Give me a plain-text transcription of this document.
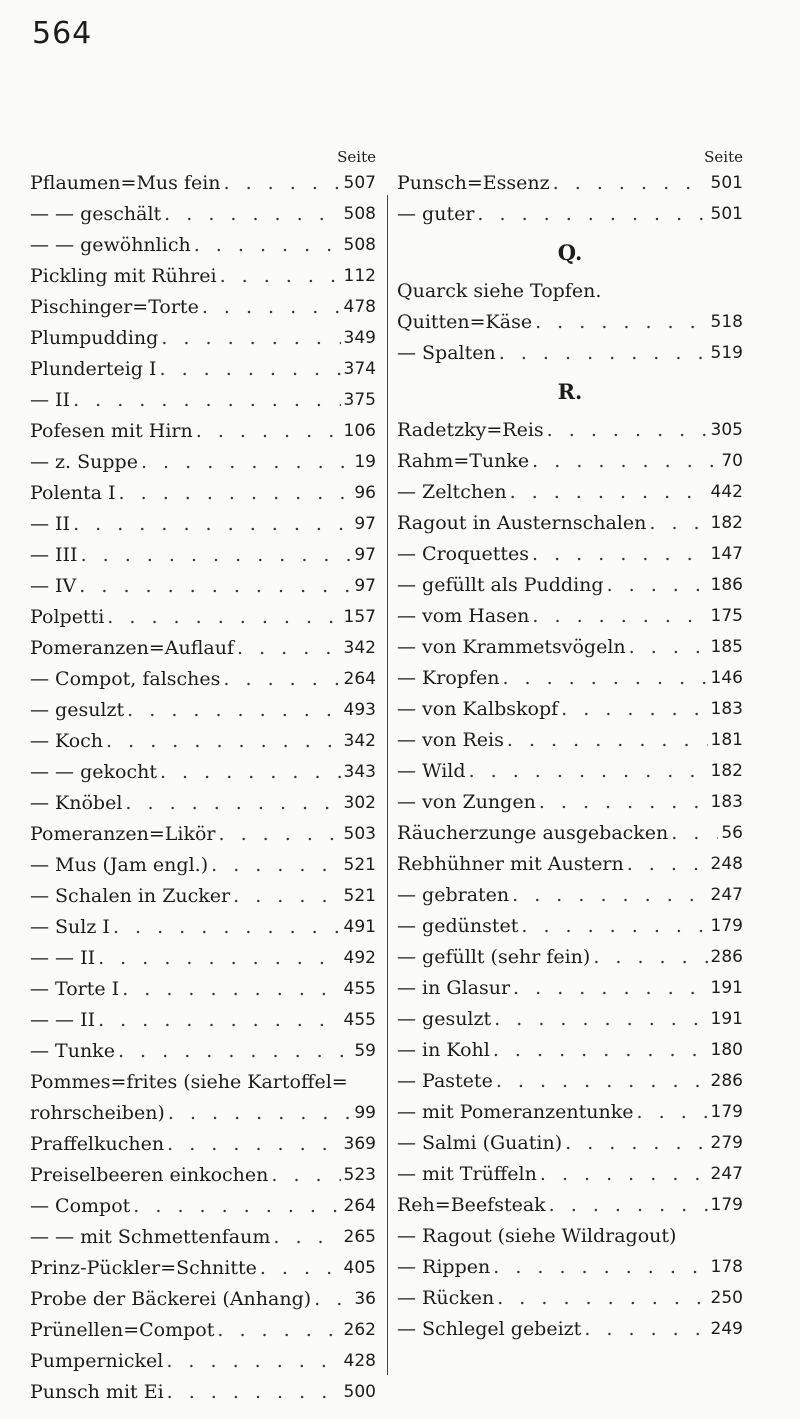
564
Seite
Pflaumen=Mus fein . . .	507
— — geschält . . .	508
— — gewöhnlich . . .	508
Pickling mit Rührei . . .	112
Pischinger=Torte . . .	478
Plumpudding . . .	349
Plunderteig I . . .	374
— II . . .	375
Pofesen mit Hirn . . .	106
— z. Suppe . . .	19
Polenta I . . .	96
— II . . .	97
— III . . .	97
— IV . . .	97
Polpetti . . .	157
Pomeranzen=Auflauf . . .	342
— Compot, falsches . . .	264
— gesulzt . . .	493
— Koch . . .	342
— — gekocht . . .	343
— Knöbel . . .	302
Pomeranzen=Likör . . .	503
— Mus (Jam engl.) . . .	521
— Schalen in Zucker . . .	521
— Sulz I . . .	491
— — II . . .	492
— Torte I . . .	455
— — II . . .	455
— Tunke . . .	59
Pommes=frites (siehe Kartoffel=
rohrscheiben) . . .	99
Praffelkuchen . . .	369
Preiselbeeren einkochen . . .	523
— Compot . . .	264
— — mit Schmettenfaum . . .	265
Prinz-Pückler=Schnitte . . .	405
Probe der Bäckerei (Anhang) . . .	36
Prünellen=Compot . . .	262
Pumpernickel . . .	428
Punsch mit Ei . . .	500
Seite
Punsch=Essenz . . .	501
— guter . . .	501
Q.
Quarck siehe Topfen.
Quitten=Käse . . .	518
— Spalten . . .	519
R.
Radetzky=Reis . . .	305
Rahm=Tunke . . .	70
— Zeltchen . . .	442
Ragout in Austernschalen . . .	182
— Croquettes . . .	147
— gefüllt als Pudding . . .	186
— vom Hasen . . .	175
— von Krammetsvögeln . . .	185
— Kropfen . . .	146
— von Kalbskopf . . .	183
— von Reis . . .	181
— Wild . . .	182
— von Zungen . . .	183
Räucherzunge ausgebacken . . .	56
Rebhühner mit Austern . . .	248
— gebraten . . .	247
— gedünstet . . .	179
— gefüllt (sehr fein) . . .	286
— in Glasur . . .	191
— gesulzt . . .	191
— in Kohl . . .	180
— Pastete . . .	286
— mit Pomeranzentunke . . .	179
— Salmi (Guatin) . . .	279
— mit Trüffeln . . .	247
Reh=Beefsteak . . .	179
— Ragout (siehe Wildragout)
— Rippen . . .	178
— Rücken . . .	250
— Schlegel gebeizt . . .	249
